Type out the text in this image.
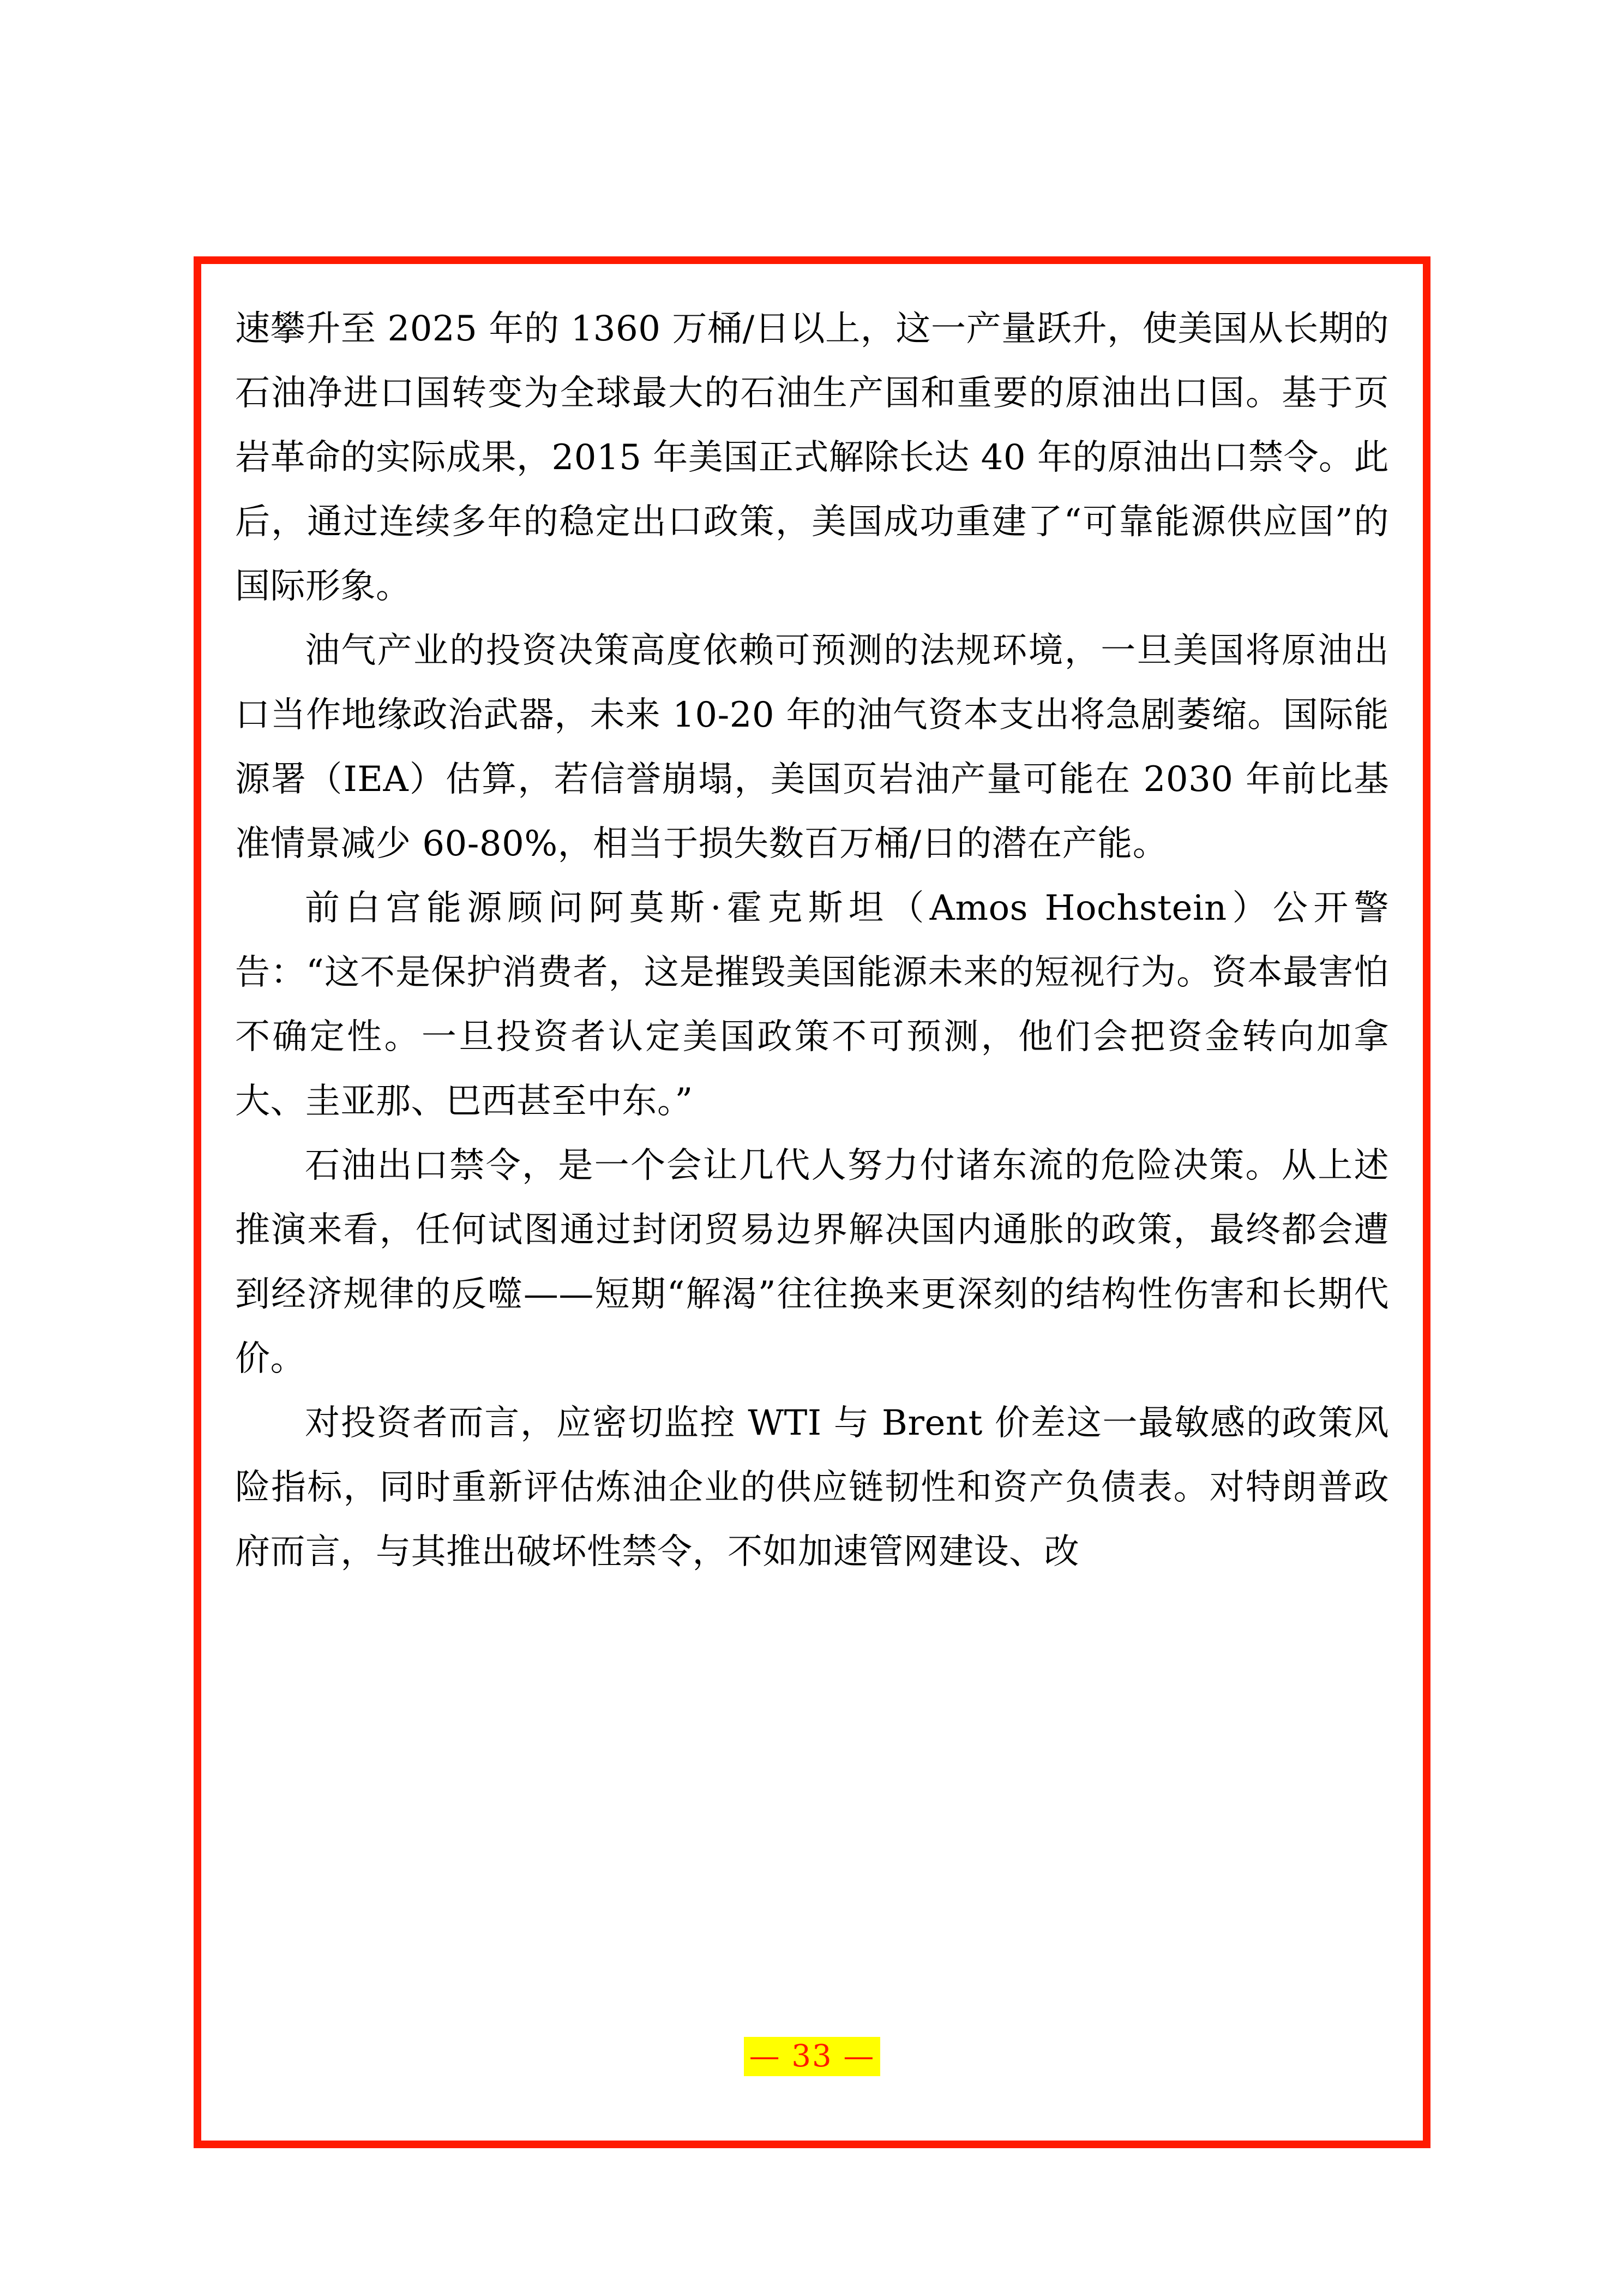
速攀升至 2025 年的 1360 万桶/日以上，这一产量跃升，使美国从长期的石油净进口国转变为全球最大的石油生产国和重要的原油出口国。基于页岩革命的实际成果，2015 年美国正式解除长达 40 年的原油出口禁令。此后，通过连续多年的稳定出口政策，美国成功重建了“可靠能源供应国”的国际形象。

油气产业的投资决策高度依赖可预测的法规环境，一旦美国将原油出口当作地缘政治武器，未来 10-20 年的油气资本支出将急剧萎缩。国际能源署（IEA）估算，若信誉崩塌，美国页岩油产量可能在 2030 年前比基准情景减少 60-80%，相当于损失数百万桶/日的潜在产能。

前白宫能源顾问阿莫斯·霍克斯坦（Amos Hochstein）公开警告：“这不是保护消费者，这是摧毁美国能源未来的短视行为。资本最害怕不确定性。一旦投资者认定美国政策不可预测，他们会把资金转向加拿大、圭亚那、巴西甚至中东。”

石油出口禁令，是一个会让几代人努力付诸东流的危险决策。从上述推演来看，任何试图通过封闭贸易边界解决国内通胀的政策，最终都会遭到经济规律的反噬——短期“解渴”往往换来更深刻的结构性伤害和长期代价。

对投资者而言，应密切监控 WTI 与 Brent 价差这一最敏感的政策风险指标，同时重新评估炼油企业的供应链韧性和资产负债表。对特朗普政府而言，与其推出破坏性禁令，不如加速管网建设、改

— 33 —
